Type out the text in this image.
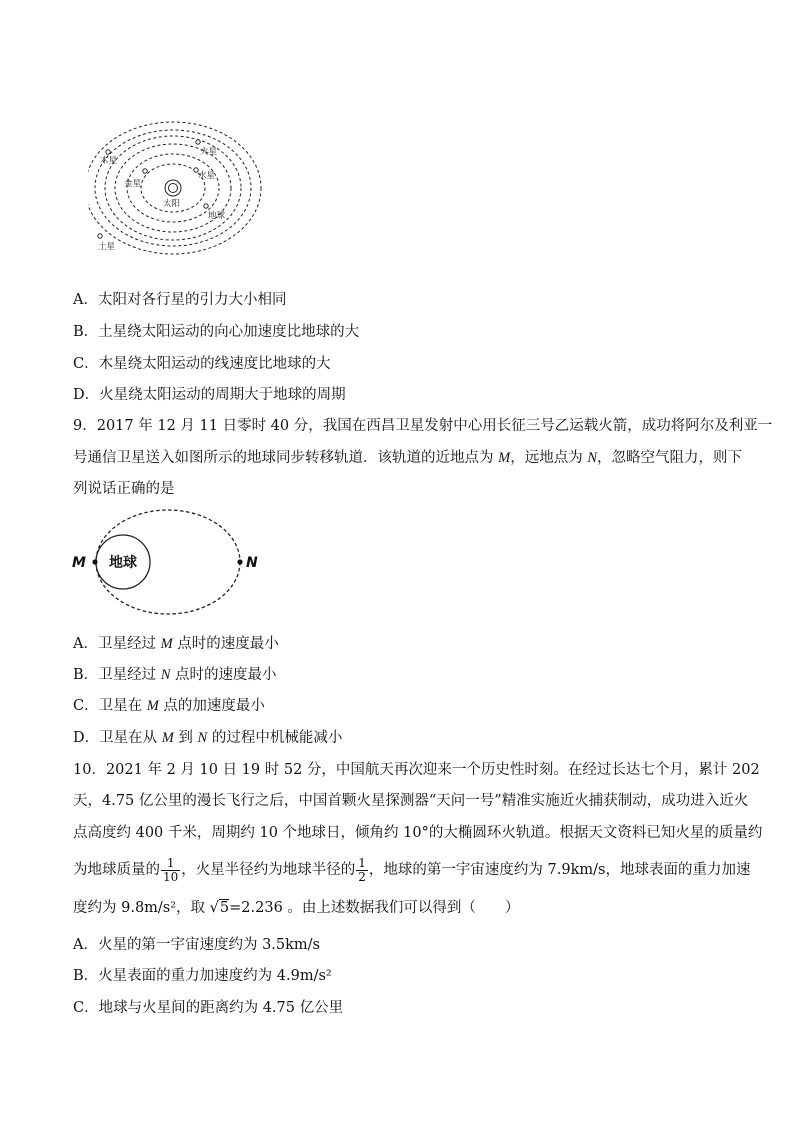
太阳
木星
火星
土星
金星
水星
地球
A．太阳对各行星的引力大小相同
B．土星绕太阳运动的向心加速度比地球的大
C．木星绕太阳运动的线速度比地球的大
D．火星绕太阳运动的周期大于地球的周期
9．2017 年 12 月 11 日零时 40 分，我国在西昌卫星发射中心用长征三号乙运载火箭，成功将阿尔及利亚一
号通信卫星送入如图所示的地球同步转移轨道．该轨道的近地点为 M，远地点为 N，忽略空气阻力，则下
列说话正确的是
地球
M	N
A．卫星经过 M 点时的速度最小
B．卫星经过 N 点时的速度最小
C．卫星在 M 点的加速度最小
D．卫星在从 M 到 N 的过程中机械能减小
10．2021 年 2 月 10 日 19 时 52 分，中国航天再次迎来一个历史性时刻。在经过长达七个月，累计 202
天，4.75 亿公里的漫长飞行之后，中国首颗火星探测器“天问一号”精准实施近火捕获制动，成功进入近火
点高度约 400 千米，周期约 10 个地球日，倾角约 10°的大椭圆环火轨道。根据天文资料已知火星的质量约
为地球质量的 $\frac{1}{10}$ ，火星半径约为地球半径的 $\frac{1}{2}$ ，地球的第一宇宙速度约为 7.9km/s，地球表面的重力加速
度约为 9.8m/s²，取 √5=2.236 。由上述数据我们可以得到（　　）
A．火星的第一宇宙速度约为 3.5km/s
B．火星表面的重力加速度约为 4.9m/s²
C．地球与火星间的距离约为 4.75 亿公里
